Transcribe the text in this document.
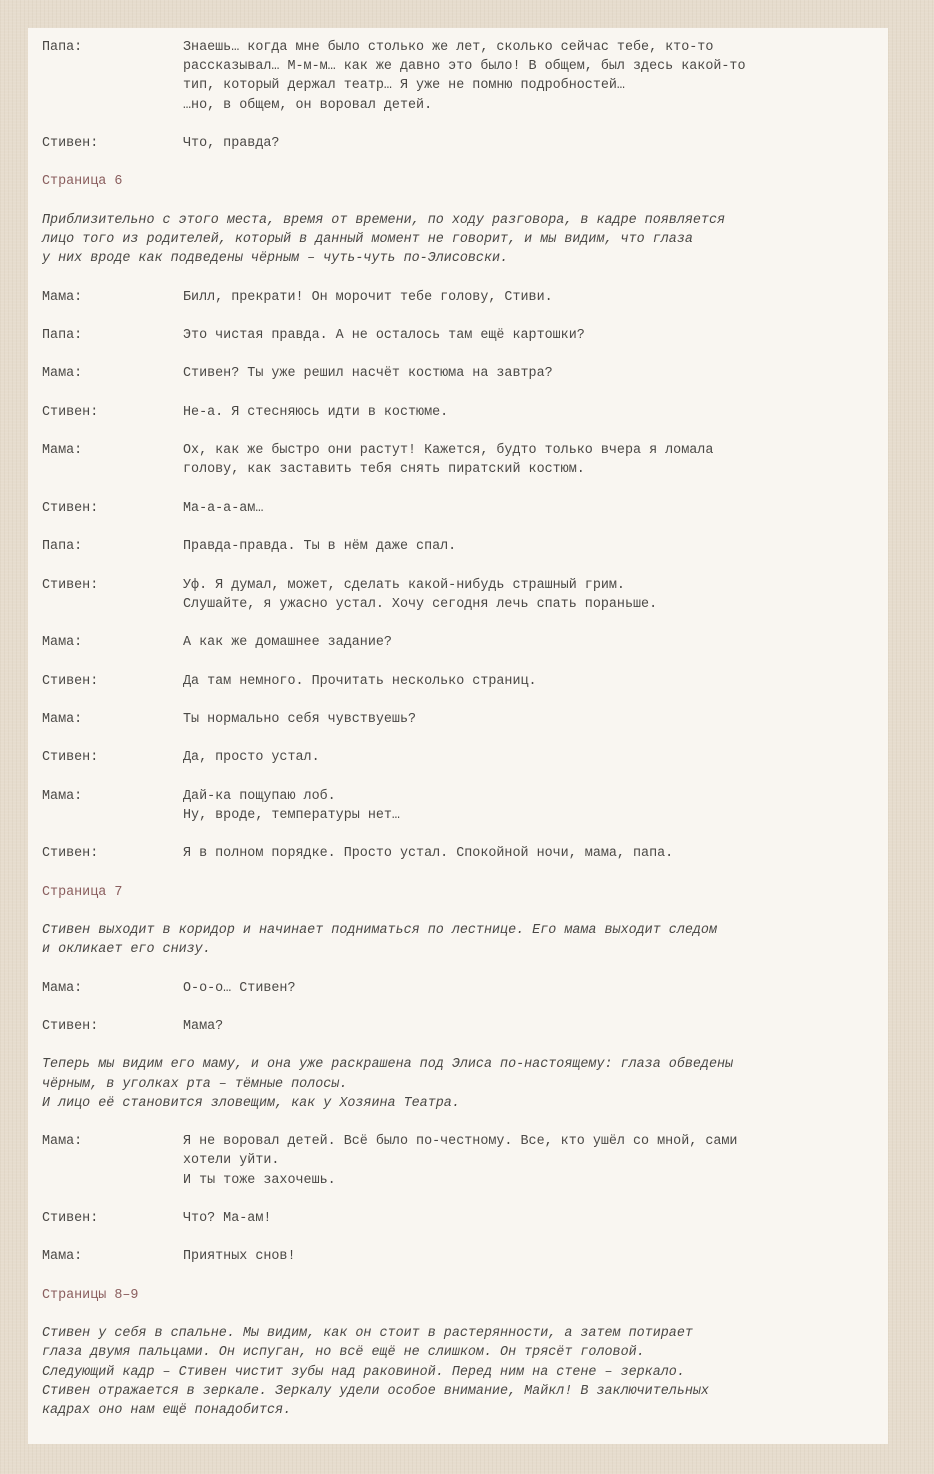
Папа:	Знаешь… когда мне было столько же лет, сколько сейчас тебе, кто-то
рассказывал… М-м-м… как же давно это было! В общем, был здесь какой-то
тип, который держал театр… Я уже не помню подробностей…
…но, в общем, он воровал детей.
Стивен:	Что, правда?
Страница 6
Приблизительно с этого места, время от времени, по ходу разговора, в кадре появляется
лицо того из родителей, который в данный момент не говорит, и мы видим, что глаза
у них вроде как подведены чёрным – чуть-чуть по-Элисовски.
Мама:	Билл, прекрати! Он морочит тебе голову, Стиви.
Папа:	Это чистая правда. А не осталось там ещё картошки?
Мама:	Стивен? Ты уже решил насчёт костюма на завтра?
Стивен:	Не-а. Я стесняюсь идти в костюме.
Мама:	Ох, как же быстро они растут! Кажется, будто только вчера я ломала
голову, как заставить тебя снять пиратский костюм.
Стивен:	Ма-а-а-ам…
Папа:	Правда-правда. Ты в нём даже спал.
Стивен:	Уф. Я думал, может, сделать какой-нибудь страшный грим.
Слушайте, я ужасно устал. Хочу сегодня лечь спать пораньше.
Мама:	А как же домашнее задание?
Стивен:	Да там немного. Прочитать несколько страниц.
Мама:	Ты нормально себя чувствуешь?
Стивен:	Да, просто устал.
Мама:	Дай-ка пощупаю лоб.
Ну, вроде, температуры нет…
Стивен:	Я в полном порядке. Просто устал. Спокойной ночи, мама, папа.
Страница 7
Стивен выходит в коридор и начинает подниматься по лестнице. Его мама выходит следом
и окликает его снизу.
Мама:	О-о-о… Стивен?
Стивен:	Мама?
Теперь мы видим его маму, и она уже раскрашена под Элиса по-настоящему: глаза обведены
чёрным, в уголках рта – тёмные полосы.
И лицо её становится зловещим, как у Хозяина Театра.
Мама:	Я не воровал детей. Всё было по-честному. Все, кто ушёл со мной, сами
хотели уйти.
И ты тоже захочешь.
Стивен:	Что? Ма-ам!
Мама:	Приятных снов!
Страницы 8–9
Стивен у себя в спальне. Мы видим, как он стоит в растерянности, а затем потирает
глаза двумя пальцами. Он испуган, но всё ещё не слишком. Он трясёт головой.
Следующий кадр – Стивен чистит зубы над раковиной. Перед ним на стене – зеркало.
Стивен отражается в зеркале. Зеркалу удели особое внимание, Майкл! В заключительных
кадрах оно нам ещё понадобится.
